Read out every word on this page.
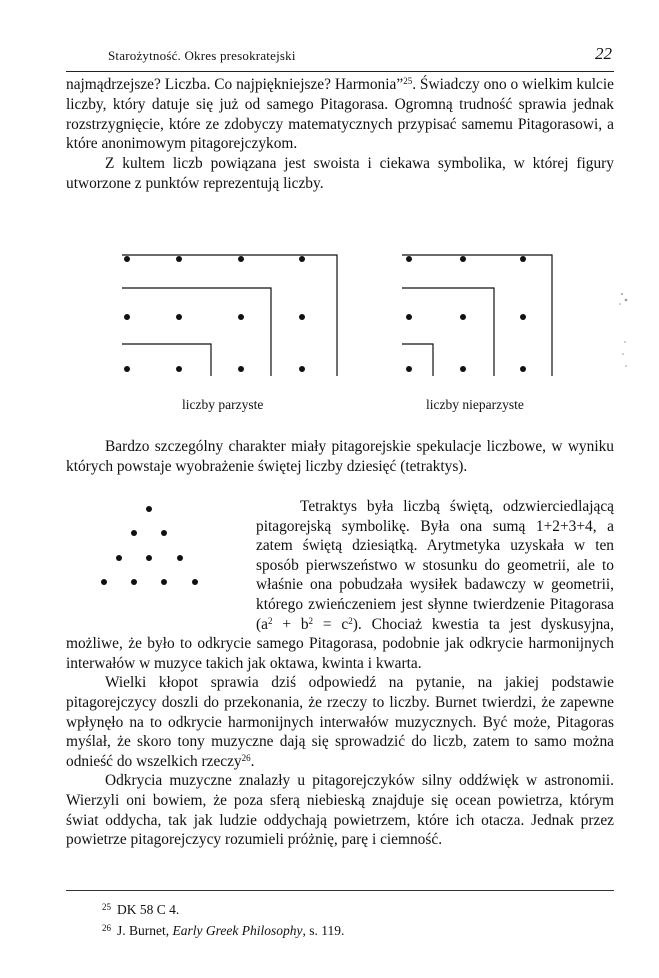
Starożytność. Okres presokratejski	22

najmądrzejsze? Liczba. Co najpiękniejsze? Harmonia”$^{25}$. Świadczy ono o wielkim kulcie liczby, który datuje się już od samego Pitagorasa. Ogromną trudność sprawia jednak rozstrzygnięcie, które ze zdobyczy matematycznych przypisać samemu Pitagorasowi, a które anonimowym pitagorejczykom.

Z kultem liczb powiązana jest swoista i ciekawa symbolika, w której figury utworzone z punktów reprezentują liczby.

liczby parzyste	liczby nieparzyste

Bardzo szczególny charakter miały pitagorejskie spekulacje liczbowe, w wyniku których powstaje wyobrażenie świętej liczby dziesięć (tetraktys).

Tetraktys była liczbą świętą, odzwierciedlającą pitagorejską symbolikę. Była ona sumą 1+2+3+4, a zatem świętą dziesiątką. Arytmetyka uzyskała w ten sposób pierwszeństwo w stosunku do geometrii, ale to właśnie ona pobudzała wysiłek badawczy w geometrii, którego zwieńczeniem jest słynne twierdzenie Pitagorasa $(a^2 + b^2 = c^2)$. Chociaż kwestia ta jest dyskusyjna, możliwe, że było to odkrycie samego Pitagorasa, podobnie jak odkrycie harmonijnych interwałów w muzyce takich jak oktawa, kwinta i kwarta.

Wielki kłopot sprawia dziś odpowiedź na pytanie, na jakiej podstawie pitagorejczycy doszli do przekonania, że rzeczy to liczby. Burnet twierdzi, że zapewne wpłynęło na to odkrycie harmonijnych interwałów muzycznych. Być może, Pitagoras myślał, że skoro tony muzyczne dają się sprowadzić do liczb, zatem to samo można odnieść do wszelkich rzeczy$^{26}$.

Odkrycia muzyczne znalazły u pitagorejczyków silny oddźwięk w astronomii. Wierzyli oni bowiem, że poza sferą niebieską znajduje się ocean powietrza, którym świat oddycha, tak jak ludzie oddychają powietrzem, które ich otacza. Jednak przez powietrze pitagorejczycy rozumieli próżnię, parę i ciemność.

$^{25}$ DK 58 C 4.
$^{26}$ J. Burnet, Early Greek Philosophy, s. 119.
